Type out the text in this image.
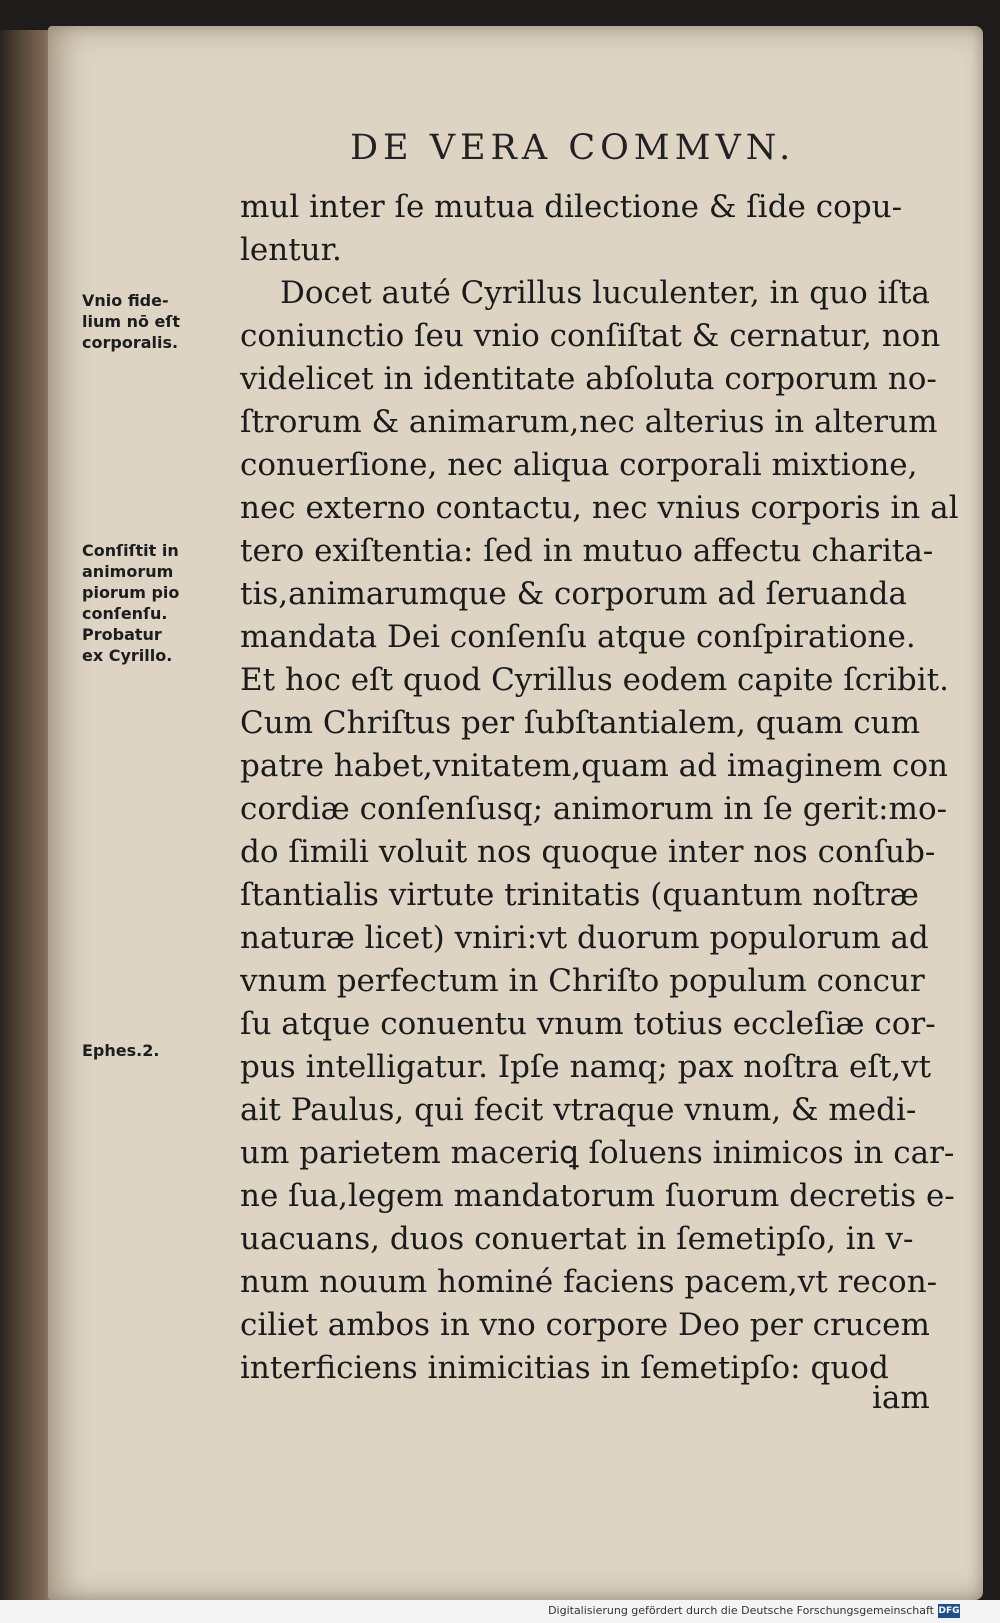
DE VERA COMMVN.
mul inter ſe mutua dilectione & ſide copu-
lentur.
Docet auté Cyrillus luculenter, in quo iſta
coniunctio ſeu vnio conſiſtat & cernatur, non
videlicet in identitate abſoluta corporum no-
ſtrorum & animarum,nec alterius in alterum
conuerſione, nec aliqua corporali mixtione,
nec externo contactu, nec vnius corporis in al
tero exiſtentia: ſed in mutuo affectu charita-
tis,animarumque & corporum ad ſeruanda
mandata Dei conſenſu atque conſpiratione.
Et hoc eſt quod Cyrillus eodem capite ſcribit.
Cum Chriſtus per ſubſtantialem, quam cum
patre habet,vnitatem,quam ad imaginem con
cordiæ conſenſusq; animorum in ſe gerit:mo-
do ſimili voluit nos quoque inter nos conſub-
ſtantialis virtute trinitatis (quantum noſtræ
naturæ licet) vniri:vt duorum populorum ad
vnum perfectum in Chriſto populum concur
ſu atque conuentu vnum totius eccleſiæ cor-
pus intelligatur. Ipſe namq; pax noſtra eſt,vt
ait Paulus, qui fecit vtraque vnum, & medi-
um parietem maceriꝗ ſoluens inimicos in car-
ne ſua,legem mandatorum ſuorum decretis e-
uacuans, duos conuertat in ſemetipſo, in v-
num nouum hominé faciens pacem,vt recon-
ciliet ambos in vno corpore Deo per crucem
interficiens inimicitias in ſemetipſo: quod
iam
Vnio fide-
lium nō eſt
corporalis.
Conſiſtit in
animorum
piorum pio
conſenſu.
Probatur
ex Cyrillo.
Ephes.2.
Digitalisierung gefördert durch die Deutsche Forschungsgemeinschaft DFG
